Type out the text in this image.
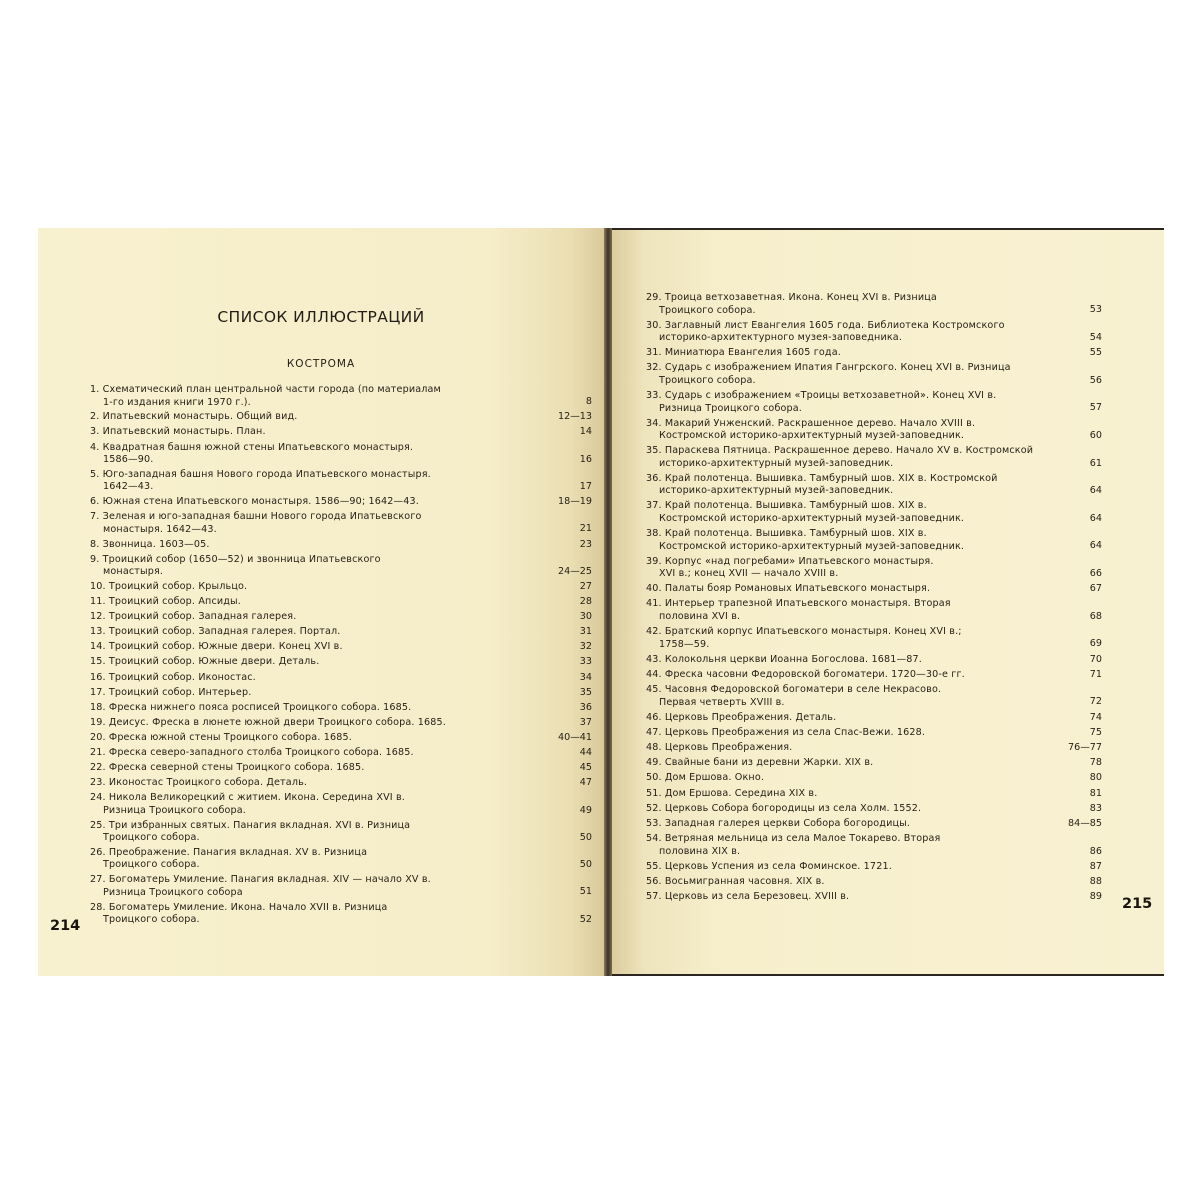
СПИСОК ИЛЛЮСТРАЦИЙ
КОСТРОМА
1. Схематический план центральной части города (по материалам
1-го издания книги 1970 г.).	8
2. Ипатьевский монастырь. Общий вид.	12—13
3. Ипатьевский монастырь. План.	14
4. Квадратная башня южной стены Ипатьевского монастыря.
1586—90.	16
5. Юго-западная башня Нового города Ипатьевского монастыря.
1642—43.	17
6. Южная стена Ипатьевского монастыря. 1586—90; 1642—43.	18—19
7. Зеленая и юго-западная башни Нового города Ипатьевского
монастыря. 1642—43.	21
8. Звонница. 1603—05.	23
9. Троицкий собор (1650—52) и звонница Ипатьевского
монастыря.	24—25
10. Троицкий собор. Крыльцо.	27
11. Троицкий собор. Апсиды.	28
12. Троицкий собор. Западная галерея.	30
13. Троицкий собор. Западная галерея. Портал.	31
14. Троицкий собор. Южные двери. Конец XVI в.	32
15. Троицкий собор. Южные двери. Деталь.	33
16. Троицкий собор. Иконостас.	34
17. Троицкий собор. Интерьер.	35
18. Фреска нижнего пояса росписей Троицкого собора. 1685.	36
19. Деисус. Фреска в люнете южной двери Троицкого собора. 1685.	37
20. Фреска южной стены Троицкого собора. 1685.	40—41
21. Фреска северо-западного столба Троицкого собора. 1685.	44
22. Фреска северной стены Троицкого собора. 1685.	45
23. Иконостас Троицкого собора. Деталь.	47
24. Никола Великорецкий с житием. Икона. Середина XVI в.
Ризница Троицкого собора.	49
25. Три избранных святых. Панагия вкладная. XVI в. Ризница
Троицкого собора.	50
26. Преображение. Панагия вкладная. XV в. Ризница
Троицкого собора.	50
27. Богоматерь Умиление. Панагия вкладная. XIV — начало XV в.
Ризница Троицкого собора	51
28. Богоматерь Умиление. Икона. Начало XVII в. Ризница
Троицкого собора.	52
214
29. Троица ветхозаветная. Икона. Конец XVI в. Ризница
Троицкого собора.	53
30. Заглавный лист Евангелия 1605 года. Библиотека Костромского
историко-архитектурного музея-заповедника.	54
31. Миниатюра Евангелия 1605 года.	55
32. Сударь с изображением Ипатия Гангрского. Конец XVI в. Ризница
Троицкого собора.	56
33. Сударь с изображением «Троицы ветхозаветной». Конец XVI в.
Ризница Троицкого собора.	57
34. Макарий Унженский. Раскрашенное дерево. Начало XVIII в.
Костромской историко-архитектурный музей-заповедник.	60
35. Параскева Пятница. Раскрашенное дерево. Начало XV в. Костромской
историко-архитектурный музей-заповедник.	61
36. Край полотенца. Вышивка. Тамбурный шов. XIX в. Костромской
историко-архитектурный музей-заповедник.	64
37. Край полотенца. Вышивка. Тамбурный шов. XIX в.
Костромской историко-архитектурный музей-заповедник.	64
38. Край полотенца. Вышивка. Тамбурный шов. XIX в.
Костромской историко-архитектурный музей-заповедник.	64
39. Корпус «над погребами» Ипатьевского монастыря.
XVI в.; конец XVII — начало XVIII в.	66
40. Палаты бояр Романовых Ипатьевского монастыря.	67
41. Интерьер трапезной Ипатьевского монастыря. Вторая
половина XVI в.	68
42. Братский корпус Ипатьевского монастыря. Конец XVI в.;
1758—59.	69
43. Колокольня церкви Иоанна Богослова. 1681—87.	70
44. Фреска часовни Федоровской богоматери. 1720—30-е гг.	71
45. Часовня Федоровской богоматери в селе Некрасово.
Первая четверть XVIII в.	72
46. Церковь Преображения. Деталь.	74
47. Церковь Преображения из села Спас-Вежи. 1628.	75
48. Церковь Преображения.	76—77
49. Свайные бани из деревни Жарки. XIX в.	78
50. Дом Ершова. Окно.	80
51. Дом Ершова. Середина XIX в.	81
52. Церковь Собора богородицы из села Холм. 1552.	83
53. Западная галерея церкви Собора богородицы.	84—85
54. Ветряная мельница из села Малое Токарево. Вторая
половина XIX в.	86
55. Церковь Успения из села Фоминское. 1721.	87
56. Восьмигранная часовня. XIX в.	88
57. Церковь из села Березовец. XVIII в.	89 215
